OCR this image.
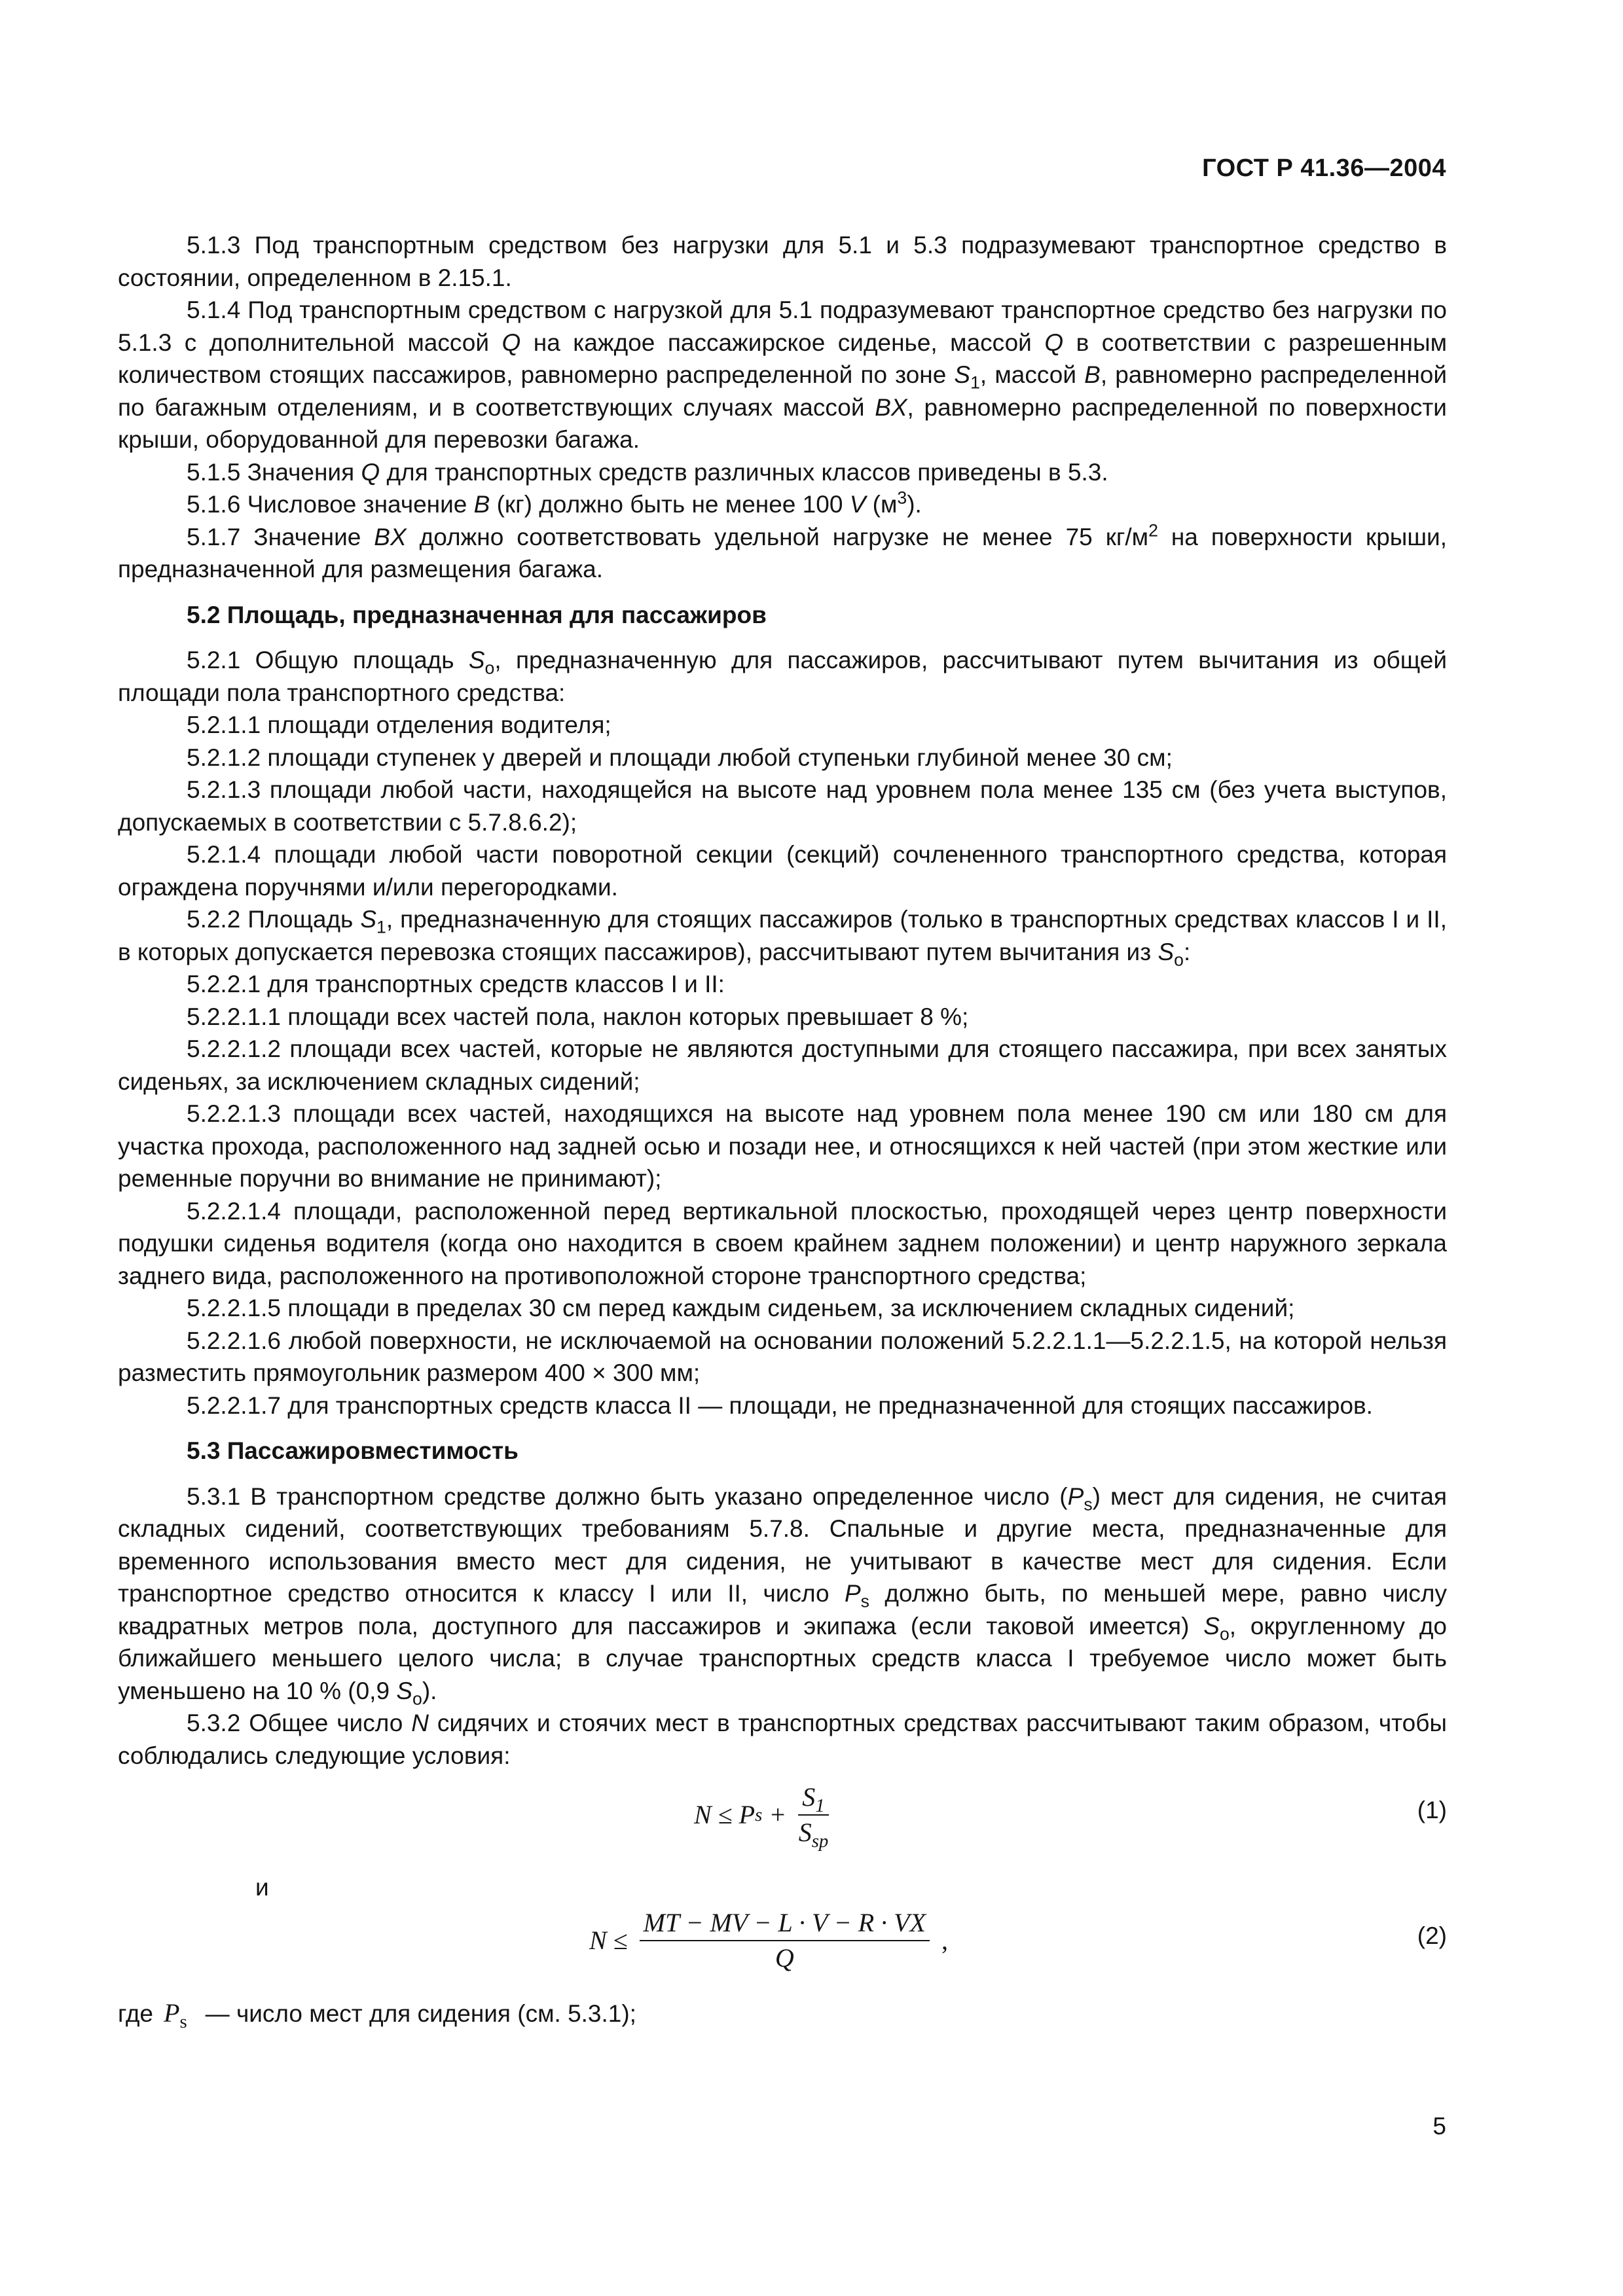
ГОСТ Р 41.36—2004

5.1.3 Под транспортным средством без нагрузки для 5.1 и 5.3 подразумевают транспортное средство в состоянии, определенном в 2.15.1.

5.1.4 Под транспортным средством с нагрузкой для 5.1 подразумевают транспортное средство без нагрузки по 5.1.3 с дополнительной массой Q на каждое пассажирское сиденье, массой Q в соответствии с разрешенным количеством стоящих пассажиров, равномерно распределенной по зоне $S_1$, массой B, равномерно распределенной по багажным отделениям, и в соответствующих случаях массой BX, равномерно распределенной по поверхности крыши, оборудованной для перевозки багажа.

5.1.5 Значения Q для транспортных средств различных классов приведены в 5.3.

5.1.6 Числовое значение B (кг) должно быть не менее 100 V $(м^3)$.

5.1.7 Значение BX должно соответствовать удельной нагрузке не менее 75 $кг/м^2$ на поверхности крыши, предназначенной для размещения багажа.

5.2 Площадь, предназначенная для пассажиров

5.2.1 Общую площадь $S_o$, предназначенную для пассажиров, рассчитывают путем вычитания из общей площади пола транспортного средства:

5.2.1.1 площади отделения водителя;

5.2.1.2 площади ступенек у дверей и площади любой ступеньки глубиной менее 30 см;

5.2.1.3 площади любой части, находящейся на высоте над уровнем пола менее 135 см (без учета выступов, допускаемых в соответствии с 5.7.8.6.2);

5.2.1.4 площади любой части поворотной секции (секций) сочлененного транспортного средства, которая ограждена поручнями и/или перегородками.

5.2.2 Площадь $S_1$, предназначенную для стоящих пассажиров (только в транспортных средствах классов I и II, в которых допускается перевозка стоящих пассажиров), рассчитывают путем вычитания из $S_o$:

5.2.2.1 для транспортных средств классов I и II:

5.2.2.1.1 площади всех частей пола, наклон которых превышает 8 %;

5.2.2.1.2 площади всех частей, которые не являются доступными для стоящего пассажира, при всех занятых сиденьях, за исключением складных сидений;

5.2.2.1.3 площади всех частей, находящихся на высоте над уровнем пола менее 190 см или 180 см для участка прохода, расположенного над задней осью и позади нее, и относящихся к ней частей (при этом жесткие или ременные поручни во внимание не принимают);

5.2.2.1.4 площади, расположенной перед вертикальной плоскостью, проходящей через центр поверхности подушки сиденья водителя (когда оно находится в своем крайнем заднем положении) и центр наружного зеркала заднего вида, расположенного на противоположной стороне транспортного средства;

5.2.2.1.5 площади в пределах 30 см перед каждым сиденьем, за исключением складных сидений;

5.2.2.1.6 любой поверхности, не исключаемой на основании положений 5.2.2.1.1—5.2.2.1.5, на которой нельзя разместить прямоугольник размером 400 × 300 мм;

5.2.2.1.7 для транспортных средств класса II — площади, не предназначенной для стоящих пассажиров.

5.3 Пассажировместимость

5.3.1 В транспортном средстве должно быть указано определенное число $(P_s)$ мест для сидения, не считая складных сидений, соответствующих требованиям 5.7.8. Спальные и другие места, предназначенные для временного использования вместо мест для сидения, не учитывают в качестве мест для сидения. Если транспортное средство относится к классу I или II, число $P_s$ должно быть, по меньшей мере, равно числу квадратных метров пола, доступного для пассажиров и экипажа (если таковой имеется) $S_o$, округленному до ближайшего меньшего целого числа; в случае транспортных средств класса I требуемое число может быть уменьшено на 10 % (0,9 $S_o$).

5.3.2 Общее число N сидячих и стоячих мест в транспортных средствах рассчитывают таким образом, чтобы соблюдались следующие условия:

N ≤ P $s + \frac{S_1}{S_{sp}}$	(1)

и

$N \le \frac{MT - MV - L \cdot V - R \cdot VX}{Q}$ ,	(2)

где $P_s$ — число мест для сидения (см. 5.3.1);

5
